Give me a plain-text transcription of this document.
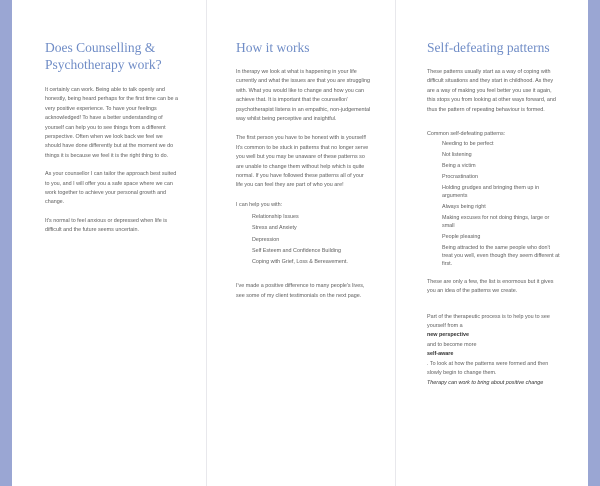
Does Counselling & Psychotherapy work?

It certainly can work. Being able to talk openly and honestly, being heard perhaps for the first time can be a very positive experience. To have your feelings acknowledged! To have a better understanding of yourself can help you to see things from a different perspective. Often when we look back we feel we should have done differently but at the moment we do things it is because we feel it is the right thing to do.

As your counsellor I can tailor the approach best suited to you, and I will offer you a safe space where we can work together to achieve your personal growth and change.

It's normal to feel anxious or depressed when life is difficult and the future seems uncertain.

How it works

In therapy we look at what is happening in your life currently and what the issues are that you are struggling with. What you would like to change and how you can achieve that. It is important that the counsellor/ psychotherapist listens in an empathic, non-judgemental way whilst being perceptive and insightful.

The first person you have to be honest with is yourself! It's common to be stuck in patterns that no longer serve you well but you may be unaware of these patterns so are unable to change them without help which is quite normal. If you have followed these patterns all of your life you can feel they are part of who you are!

I can help you with:

Relationship Issues
Stress and Anxiety
Depression
Self Esteem and Confidence Building
Coping with Grief, Loss & Bereavement.

I've made a positive difference to many people's lives, see some of my client testimonials on the next page.

Self-defeating patterns

These patterns usually start as a way of coping with difficult situations and they start in childhood. As they are a way of making you feel better you use it again, this stops you from looking at other ways forward, and thus the pattern of repeating behaviour is formed.

Common self-defeating patterns:

Needing to be perfect
Not listening
Being a victim
Procrastination
Holding grudges and bringing them up in arguments
Always being right
Making excuses for not doing things, large or small
People pleasing
Being attracted to the same people who don't treat you well, even though they seem different at first.

These are only a few, the list is enormous but it gives you an idea of the patterns we create.

Part of the therapeutic process is to help you to see yourself from a

new perspective

and to become more

self-aware

. To look at how the patterns were formed and then slowly begin to change them.

Therapy can work to bring about positive change
